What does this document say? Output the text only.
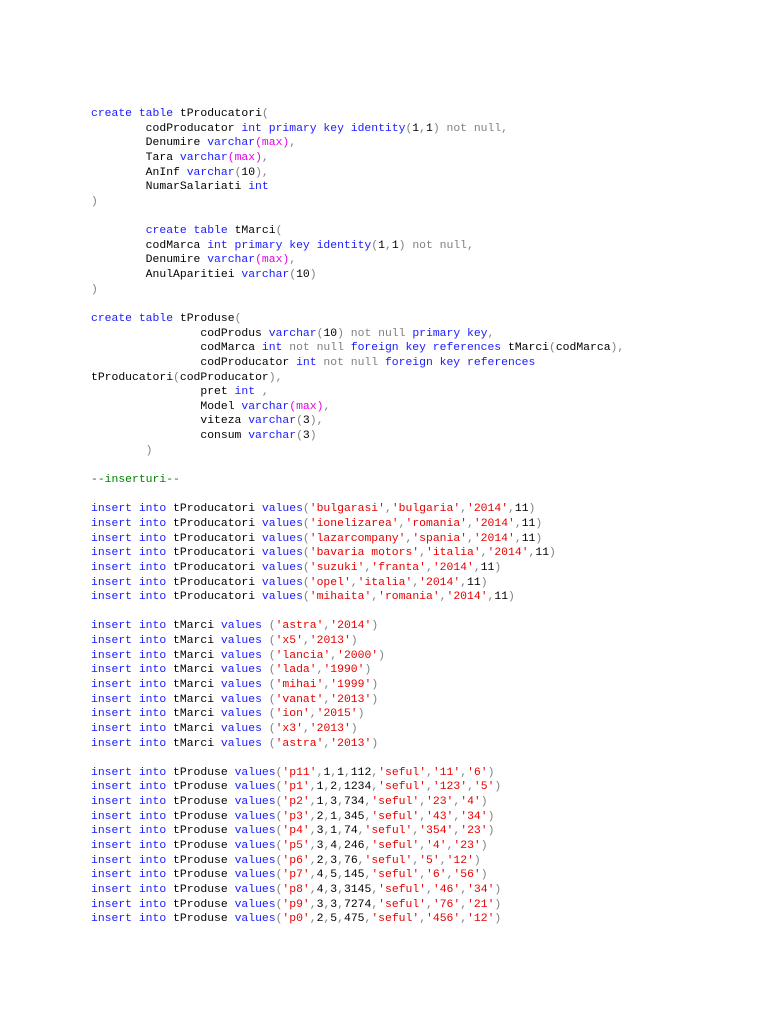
create table tProducatori(
codProducator int primary key identity(1,1) not null,
Denumire varchar(max),
Tara varchar(max),
AnInf varchar(10),
NumarSalariati int
)
create table tMarci(
codMarca int primary key identity(1,1) not null,
Denumire varchar(max),
AnulAparitiei varchar(10)
)
create table tProduse(
codProdus varchar(10) not null primary key,
codMarca int not null foreign key references tMarci(codMarca),
codProducator int not null foreign key references
tProducatori(codProducator),
pret int ,
Model varchar(max),
viteza varchar(3),
consum varchar(3)
)
--inserturi--
insert into tProducatori values('bulgarasi','bulgaria','2014',11)
insert into tProducatori values('ionelizarea','romania','2014',11)
insert into tProducatori values('lazarcompany','spania','2014',11)
insert into tProducatori values('bavaria motors','italia','2014',11)
insert into tProducatori values('suzuki','franta','2014',11)
insert into tProducatori values('opel','italia','2014',11)
insert into tProducatori values('mihaita','romania','2014',11)
insert into tMarci values ('astra','2014')
insert into tMarci values ('x5','2013')
insert into tMarci values ('lancia','2000')
insert into tMarci values ('lada','1990')
insert into tMarci values ('mihai','1999')
insert into tMarci values ('vanat','2013')
insert into tMarci values ('ion','2015')
insert into tMarci values ('x3','2013')
insert into tMarci values ('astra','2013')
insert into tProduse values('p11',1,1,112,'seful','11','6')
insert into tProduse values('p1',1,2,1234,'seful','123','5')
insert into tProduse values('p2',1,3,734,'seful','23','4')
insert into tProduse values('p3',2,1,345,'seful','43','34')
insert into tProduse values('p4',3,1,74,'seful','354','23')
insert into tProduse values('p5',3,4,246,'seful','4','23')
insert into tProduse values('p6',2,3,76,'seful','5','12')
insert into tProduse values('p7',4,5,145,'seful','6','56')
insert into tProduse values('p8',4,3,3145,'seful','46','34')
insert into tProduse values('p9',3,3,7274,'seful','76','21')
insert into tProduse values('p0',2,5,475,'seful','456','12')
